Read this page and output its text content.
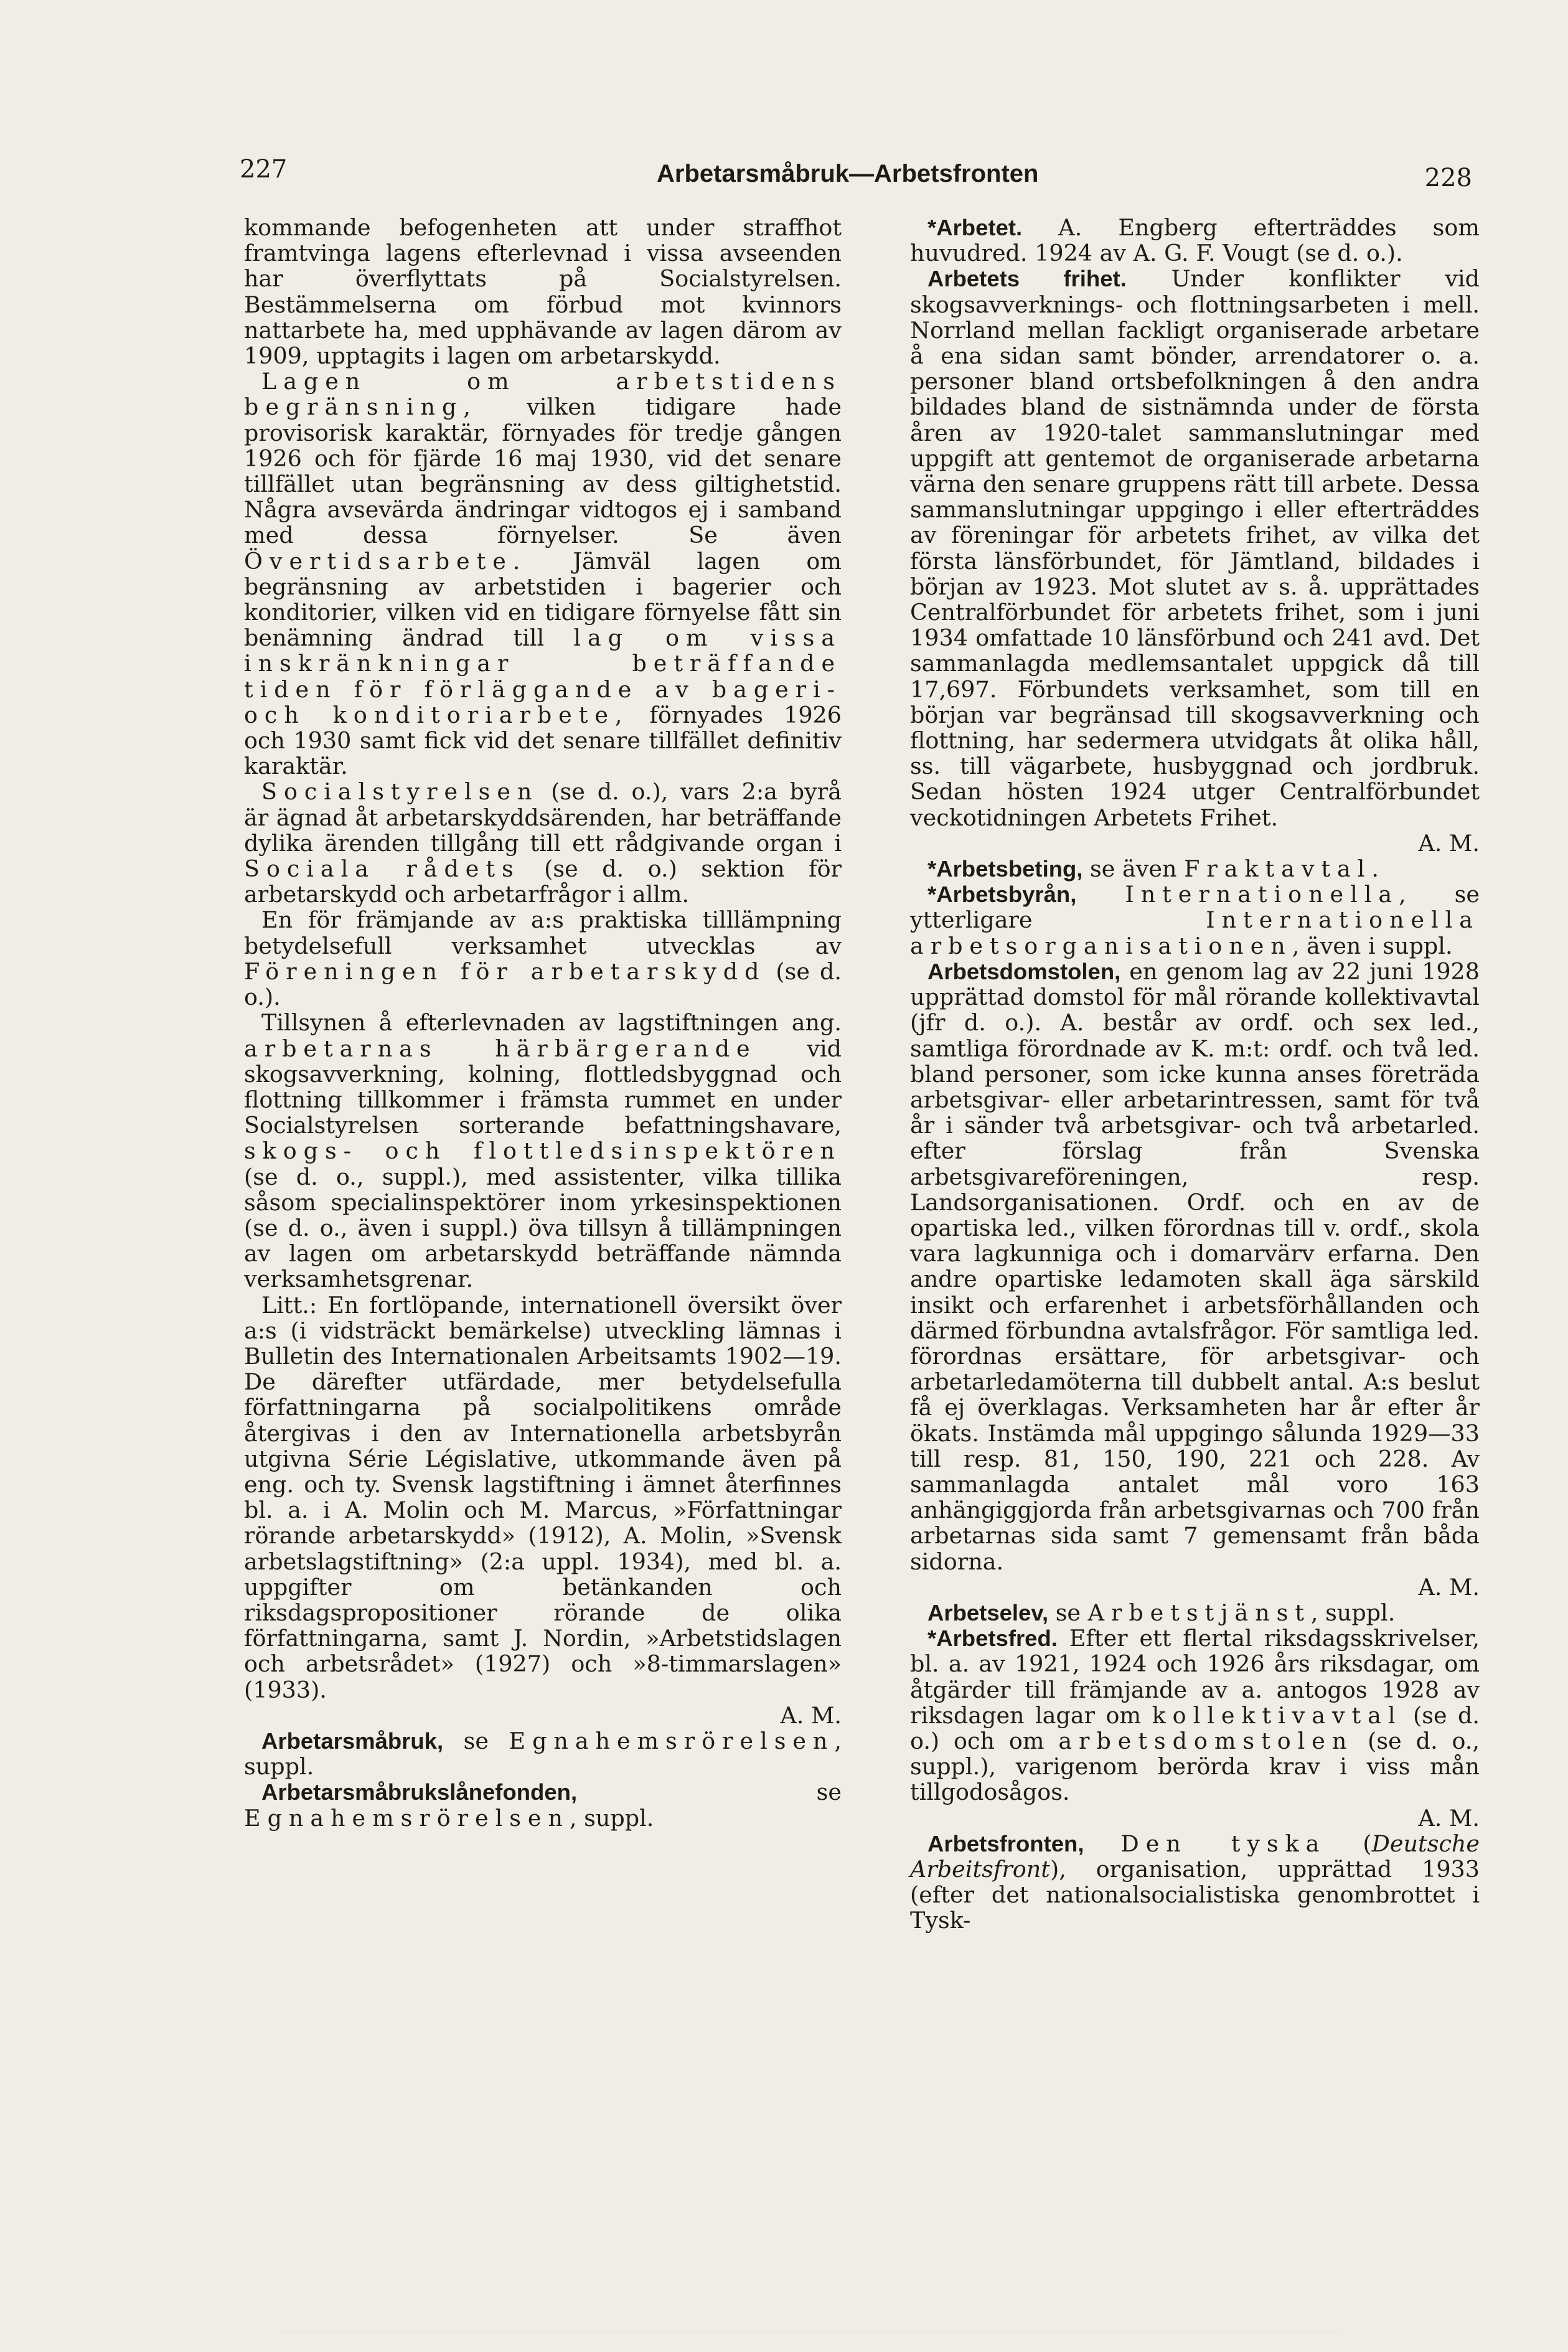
227	Arbetarsmåbruk—Arbetsfronten	228

kommande befogenheten att under straffhot framtvinga lagens efterlevnad i vissa avseenden har överflyttats på Socialstyrelsen. Bestämmelserna om förbud mot kvinnors nattarbete ha, med upphävande av lagen därom av 1909, upptagits i lagen om arbetarskydd.

Lagen om arbetstidens begränsning, vilken tidigare hade provisorisk karaktär, förnyades för tredje gången 1926 och för fjärde 16 maj 1930, vid det senare tillfället utan begränsning av dess giltighetstid. Några avsevärda ändringar vidtogos ej i samband med dessa förnyelser. Se även Övertidsarbete. Jämväl lagen om begränsning av arbetstiden i bagerier och konditorier, vilken vid en tidigare förnyelse fått sin benämning ändrad till lag om vissa inskränkningar beträffande tiden för förläggande av bageri- och konditoriarbete, förnyades 1926 och 1930 samt fick vid det senare tillfället definitiv karaktär.

Socialstyrelsen (se d. o.), vars 2:a byrå är ägnad åt arbetarskyddsärenden, har beträffande dylika ärenden tillgång till ett rådgivande organ i Sociala rådets (se d. o.) sektion för arbetarskydd och arbetarfrågor i allm.

En för främjande av a:s praktiska tilllämpning betydelsefull verksamhet utvecklas av Föreningen för arbetarskydd (se d. o.).

Tillsynen å efterlevnaden av lagstiftningen ang. arbetarnas härbärgerande vid skogsavverkning, kolning, flottledsbyggnad och flottning tillkommer i främsta rummet en under Socialstyrelsen sorterande befattningshavare, skogs- och flottledsinspektören (se d. o., suppl.), med assistenter, vilka tillika såsom specialinspektörer inom yrkesinspektionen (se d. o., även i suppl.) öva tillsyn å tillämpningen av lagen om arbetarskydd beträffande nämnda verksamhetsgrenar.

Litt.: En fortlöpande, internationell översikt över a:s (i vidsträckt bemärkelse) utveckling lämnas i Bulletin des Internationalen Arbeitsamts 1902—19. De därefter utfärdade, mer betydelsefulla författningarna på socialpolitikens område återgivas i den av Internationella arbetsbyrån utgivna Série Législative, utkommande även på eng. och ty. Svensk lagstiftning i ämnet återfinnes bl. a. i A. Molin och M. Marcus, »Författningar rörande arbetarskydd» (1912), A. Molin, »Svensk arbetslagstiftning» (2:a uppl. 1934), med bl. a. uppgifter om betänkanden och riksdagspropositioner rörande de olika författningarna, samt J. Nordin, »Arbetstidslagen och arbetsrådet» (1927) och »8-timmarslagen» (1933).

A. M.

Arbetarsmåbruk, se Egnahemsrörelsen, suppl.

Arbetarsmåbrukslånefonden, se Egnahemsrörelsen, suppl.

*Arbetet. A. Engberg efterträddes som huvudred. 1924 av A. G. F. Vougt (se d. o.).

Arbetets frihet. Under konflikter vid skogsavverknings- och flottningsarbeten i mell. Norrland mellan fackligt organiserade arbetare å ena sidan samt bönder, arrendatorer o. a. personer bland ortsbefolkningen å den andra bildades bland de sistnämnda under de första åren av 1920-talet sammanslutningar med uppgift att gentemot de organiserade arbetarna värna den senare gruppens rätt till arbete. Dessa sammanslutningar uppgingo i eller efterträddes av föreningar för arbetets frihet, av vilka det första länsförbundet, för Jämtland, bildades i början av 1923. Mot slutet av s. å. upprättades Centralförbundet för arbetets frihet, som i juni 1934 omfattade 10 länsförbund och 241 avd. Det sammanlagda medlemsantalet uppgick då till 17,697. Förbundets verksamhet, som till en början var begränsad till skogsavverkning och flottning, har sedermera utvidgats åt olika håll, ss. till vägarbete, husbyggnad och jordbruk. Sedan hösten 1924 utger Centralförbundet veckotidningen Arbetets Frihet.

A. M.

*Arbetsbeting, se även Fraktavtal.

*Arbetsbyrån, Internationella, se ytterligare Internationella arbetsorganisationen, även i suppl.

Arbetsdomstolen, en genom lag av 22 juni 1928 upprättad domstol för mål rörande kollektivavtal (jfr d. o.). A. består av ordf. och sex led., samtliga förordnade av K. m:t: ordf. och två led. bland personer, som icke kunna anses företräda arbetsgivar- eller arbetarintressen, samt för två år i sänder två arbetsgivar- och två arbetarled. efter förslag från Svenska arbetsgivareföreningen, resp. Landsorganisationen. Ordf. och en av de opartiska led., vilken förordnas till v. ordf., skola vara lagkunniga och i domarvärv erfarna. Den andre opartiske ledamoten skall äga särskild insikt och erfarenhet i arbetsförhållanden och därmed förbundna avtalsfrågor. För samtliga led. förordnas ersättare, för arbetsgivar- och arbetarledamöterna till dubbelt antal. A:s beslut få ej överklagas. Verksamheten har år efter år ökats. Instämda mål uppgingo sålunda 1929—33 till resp. 81, 150, 190, 221 och 228. Av sammanlagda antalet mål voro 163 anhängiggjorda från arbetsgivarnas och 700 från arbetarnas sida samt 7 gemensamt från båda sidorna.

A. M.

Arbetselev, se Arbetstjänst, suppl.

*Arbetsfred. Efter ett flertal riksdagsskrivelser, bl. a. av 1921, 1924 och 1926 års riksdagar, om åtgärder till främjande av a. antogos 1928 av riksdagen lagar om kollektivavtal (se d. o.) och om arbetsdomstolen (se d. o., suppl.), varigenom berörda krav i viss mån tillgodosågos.

A. M.

Arbetsfronten, Den tyska (Deutsche Arbeitsfront), organisation, upprättad 1933 (efter det nationalsocialistiska genombrottet i Tysk-
